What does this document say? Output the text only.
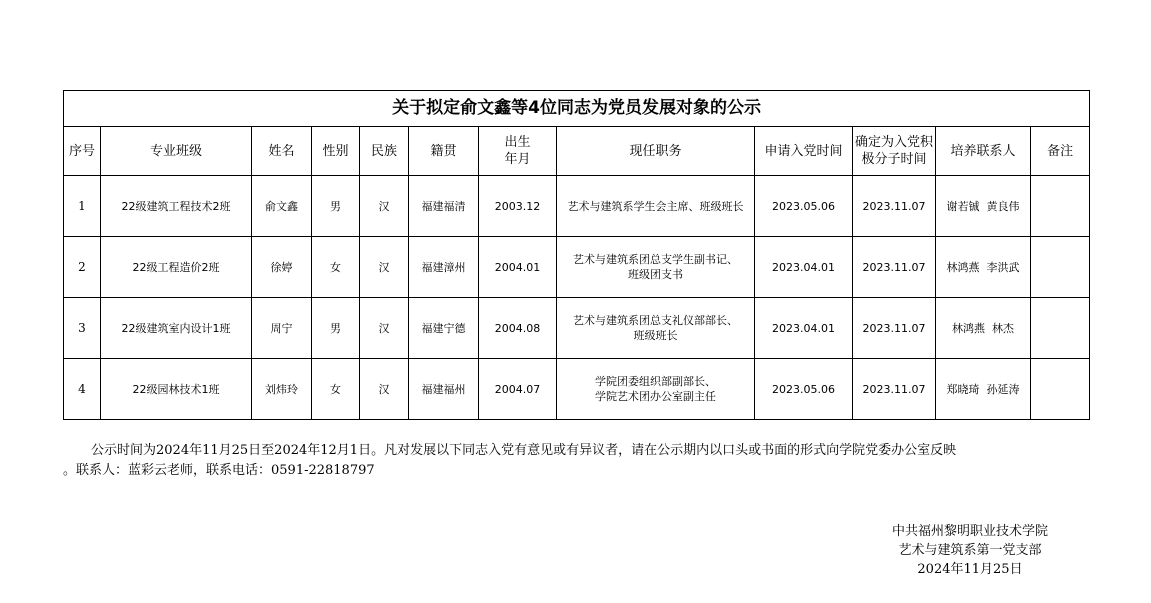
关于拟定俞文鑫等4位同志为党员发展对象的公示											
序号	专业班级	姓名	性别	民族	籍贯	出生
年月	现任职务	申请入党时间	确定为入党积
极分子时间	培养联系人	备注
1	22级建筑工程技术2班	俞文鑫	男	汉	福建福清	2003.12	艺术与建筑系学生会主席、班级班长	2023.05.06	2023.11.07	谢若铖  黄良伟	
2	22级工程造价2班	徐婷	女	汉	福建漳州	2004.01	艺术与建筑系团总支学生副书记、
班级团支书	2023.04.01	2023.11.07	林鸿燕  李洪武	
3	22级建筑室内设计1班	周宁	男	汉	福建宁德	2004.08	艺术与建筑系团总支礼仪部部长、
班级班长	2023.04.01	2023.11.07	林鸿燕  林杰	
4	22级园林技术1班	刘炜玲	女	汉	福建福州	2004.07	学院团委组织部副部长、
学院艺术团办公室副主任	2023.05.06	2023.11.07	郑晓琦  孙延涛	

公示时间为2024年11月25日至2024年12月1日。凡对发展以下同志入党有意见或有异议者，请在公示期内以口头或书面的形式向学院党委办公室反映

。联系人：蓝彩云老师，联系电话：0591-22818797

中共福州黎明职业技术学院
艺术与建筑系第一党支部
2024年11月25日
